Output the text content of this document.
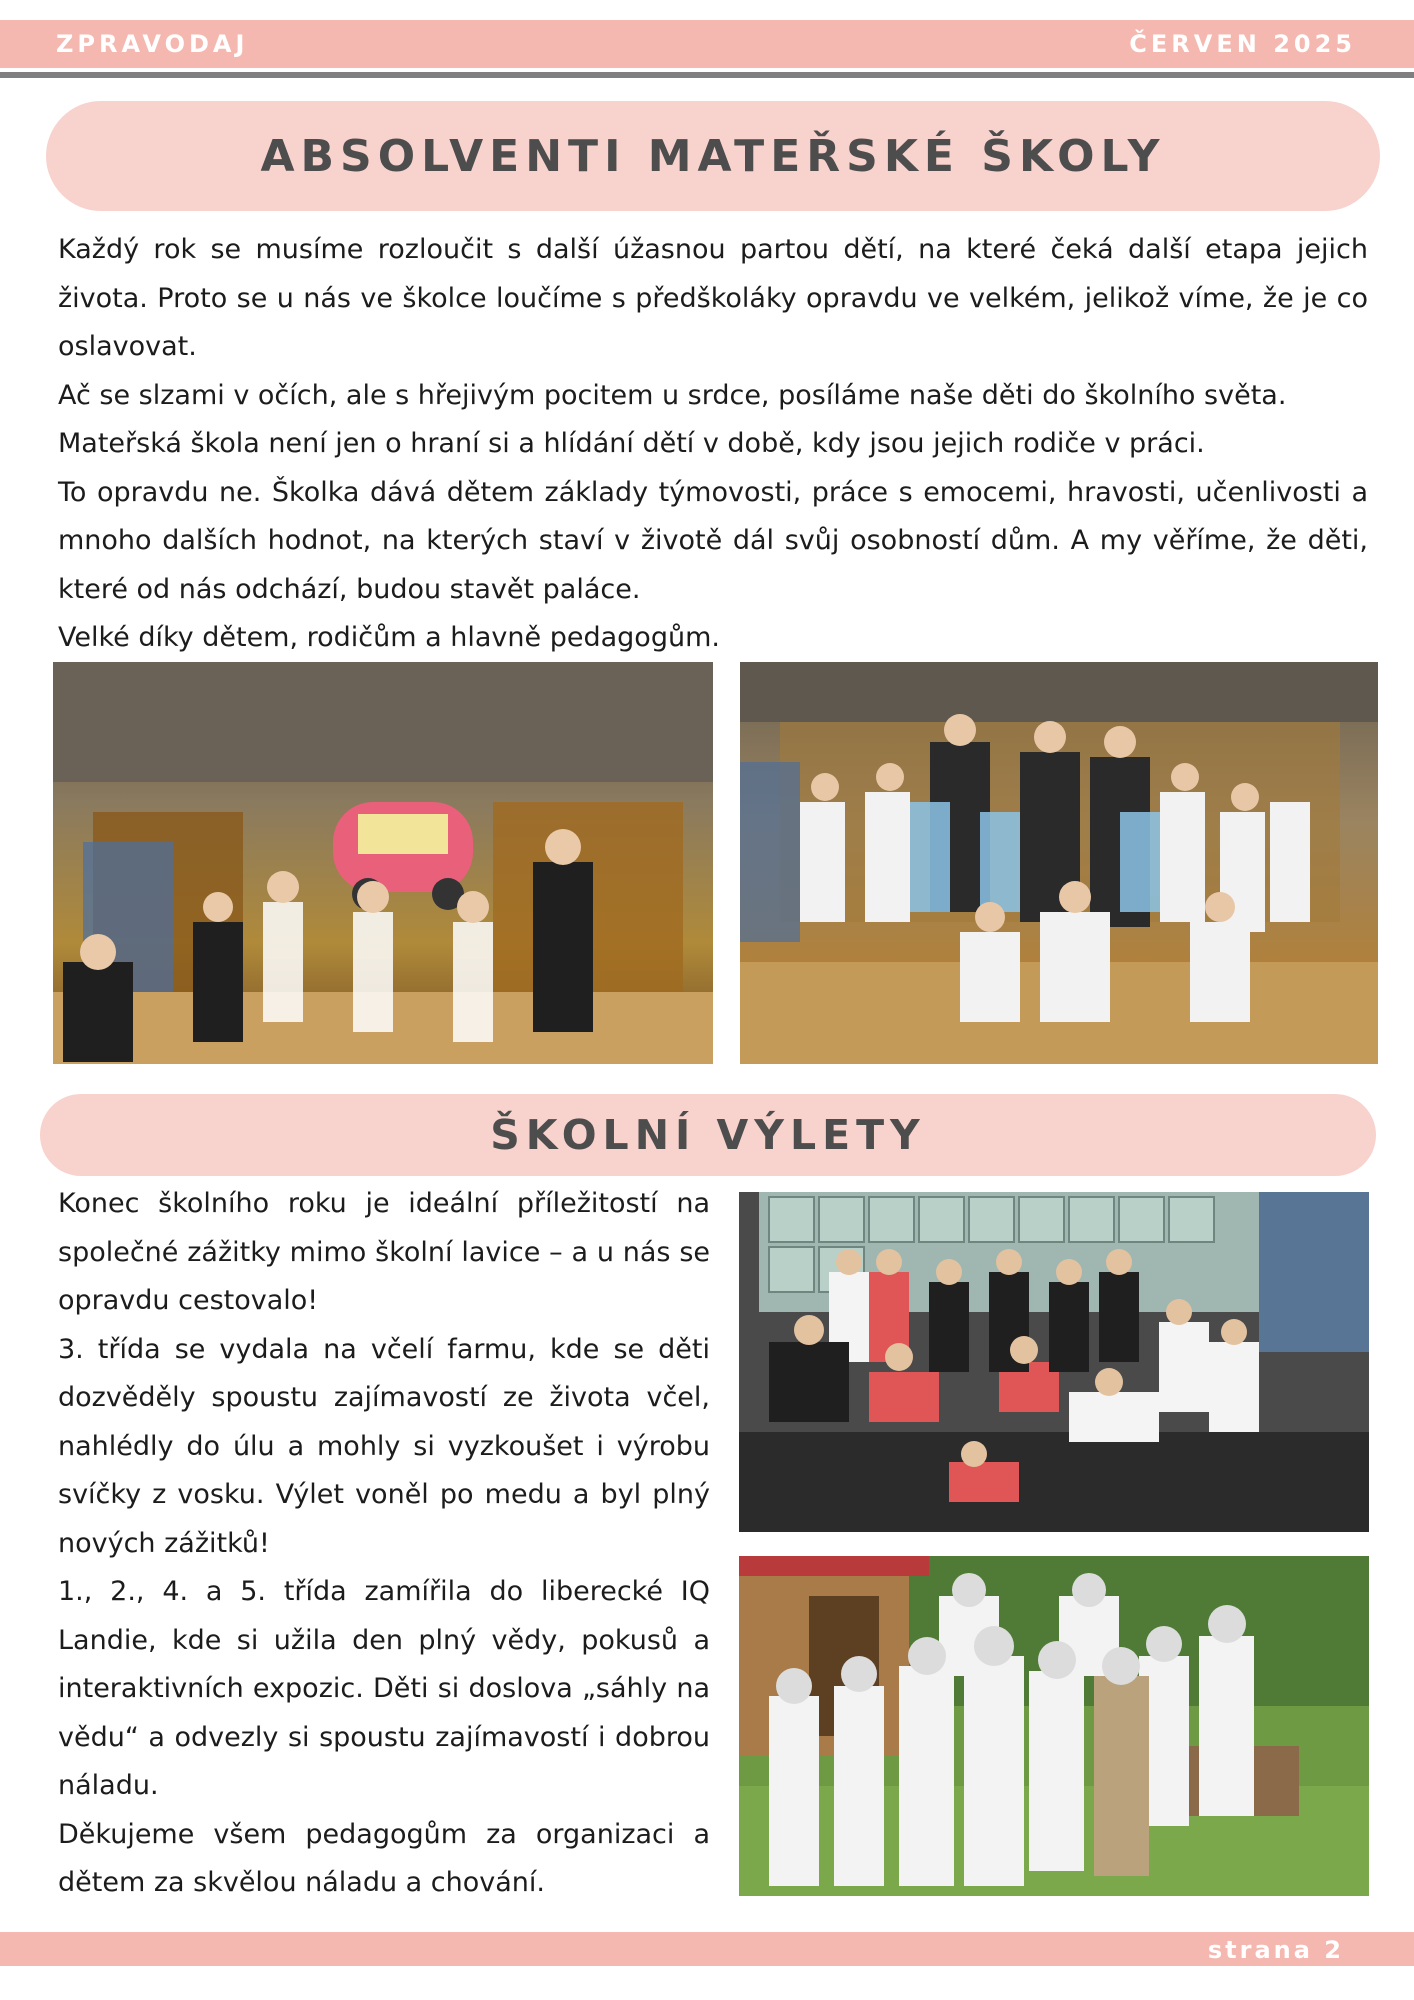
ZPRAVODAJ	ČERVEN 2025
ABSOLVENTI MATEŘSKÉ ŠKOLY

Každý rok se musíme rozloučit s další úžasnou partou dětí, na které čeká další etapa jejich života. Proto se u nás ve školce loučíme s předškoláky opravdu ve velkém, jelikož víme, že je co oslavovat.

Ač se slzami v očích, ale s hřejivým pocitem u srdce, posíláme naše děti do školního světa.

Mateřská škola není jen o hraní si a hlídání dětí v době, kdy jsou jejich rodiče v práci.

To opravdu ne. Školka dává dětem základy týmovosti, práce s emocemi, hravosti, učenlivosti a mnoho dalších hodnot, na kterých staví v životě dál svůj osobností dům. A my věříme, že děti, které od nás odchází, budou stavět paláce.

Velké díky dětem, rodičům a hlavně pedagogům.

ŠKOLNÍ VÝLETY

Konec školního roku je ideální příležitostí na společné zážitky mimo školní lavice – a u nás se opravdu cestovalo!

3. třída se vydala na včelí farmu, kde se děti dozvěděly spoustu zajímavostí ze života včel, nahlédly do úlu a mohly si vyzkoušet i výrobu svíčky z vosku. Výlet voněl po medu a byl plný nových zážitků!

1., 2., 4. a 5. třída zamířila do liberecké IQ Landie, kde si užila den plný vědy, pokusů a interaktivních expozic. Děti si doslova „sáhly na vědu“ a odvezly si spoustu zajímavostí i dobrou náladu.

Děkujeme všem pedagogům za organizaci a dětem za skvělou náladu a chování.

strana 2
